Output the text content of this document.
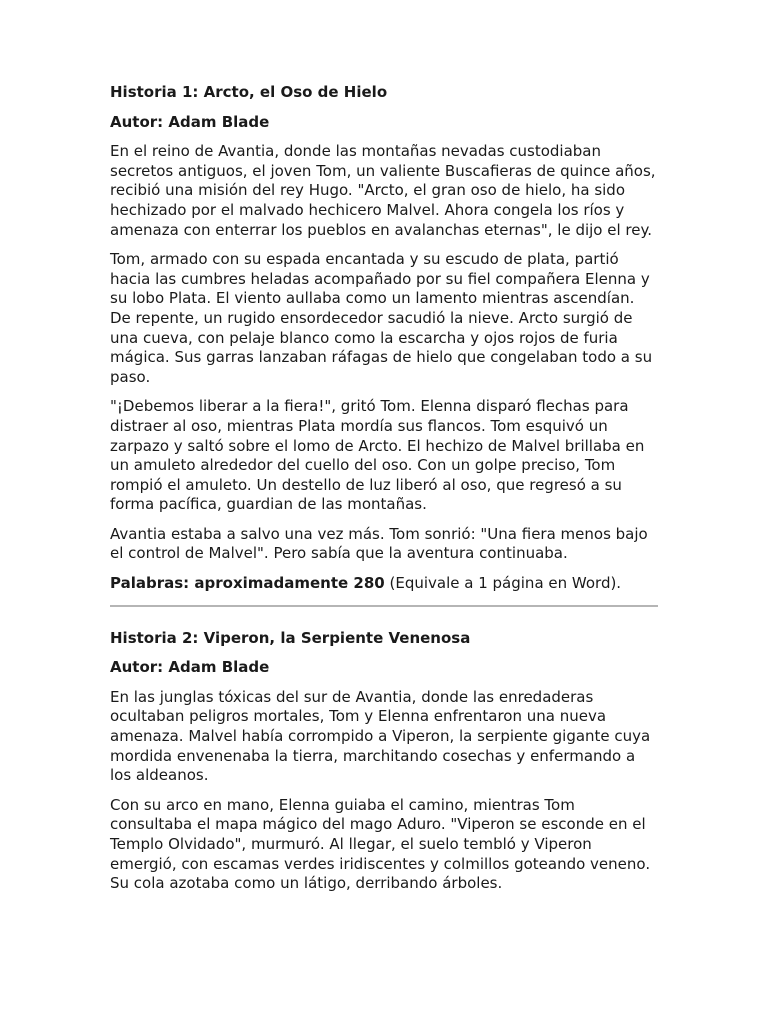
Historia 1: Arcto, el Oso de Hielo

Autor: Adam Blade

En el reino de Avantia, donde las montañas nevadas custodiaban secretos antiguos, el joven Tom, un valiente Buscafieras de quince años, recibió una misión del rey Hugo. "Arcto, el gran oso de hielo, ha sido hechizado por el malvado hechicero Malvel. Ahora congela los ríos y amenaza con enterrar los pueblos en avalanchas eternas", le dijo el rey.

Tom, armado con su espada encantada y su escudo de plata, partió hacia las cumbres heladas acompañado por su fiel compañera Elenna y su lobo Plata. El viento aullaba como un lamento mientras ascendían. De repente, un rugido ensordecedor sacudió la nieve. Arcto surgió de una cueva, con pelaje blanco como la escarcha y ojos rojos de furia mágica. Sus garras lanzaban ráfagas de hielo que congelaban todo a su paso.

"¡Debemos liberar a la fiera!", gritó Tom. Elenna disparó flechas para distraer al oso, mientras Plata mordía sus flancos. Tom esquivó un zarpazo y saltó sobre el lomo de Arcto. El hechizo de Malvel brillaba en un amuleto alrededor del cuello del oso. Con un golpe preciso, Tom rompió el amuleto. Un destello de luz liberó al oso, que regresó a su forma pacífica, guardian de las montañas.

Avantia estaba a salvo una vez más. Tom sonrió: "Una fiera menos bajo el control de Malvel". Pero sabía que la aventura continuaba.

Palabras: aproximadamente 280 (Equivale a 1 página en Word).

Historia 2: Viperon, la Serpiente Venenosa

Autor: Adam Blade

En las junglas tóxicas del sur de Avantia, donde las enredaderas ocultaban peligros mortales, Tom y Elenna enfrentaron una nueva amenaza. Malvel había corrompido a Viperon, la serpiente gigante cuya mordida envenenaba la tierra, marchitando cosechas y enfermando a los aldeanos.

Con su arco en mano, Elenna guiaba el camino, mientras Tom consultaba el mapa mágico del mago Aduro. "Viperon se esconde en el Templo Olvidado", murmuró. Al llegar, el suelo tembló y Viperon emergió, con escamas verdes iridiscentes y colmillos goteando veneno. Su cola azotaba como un látigo, derribando árboles.
